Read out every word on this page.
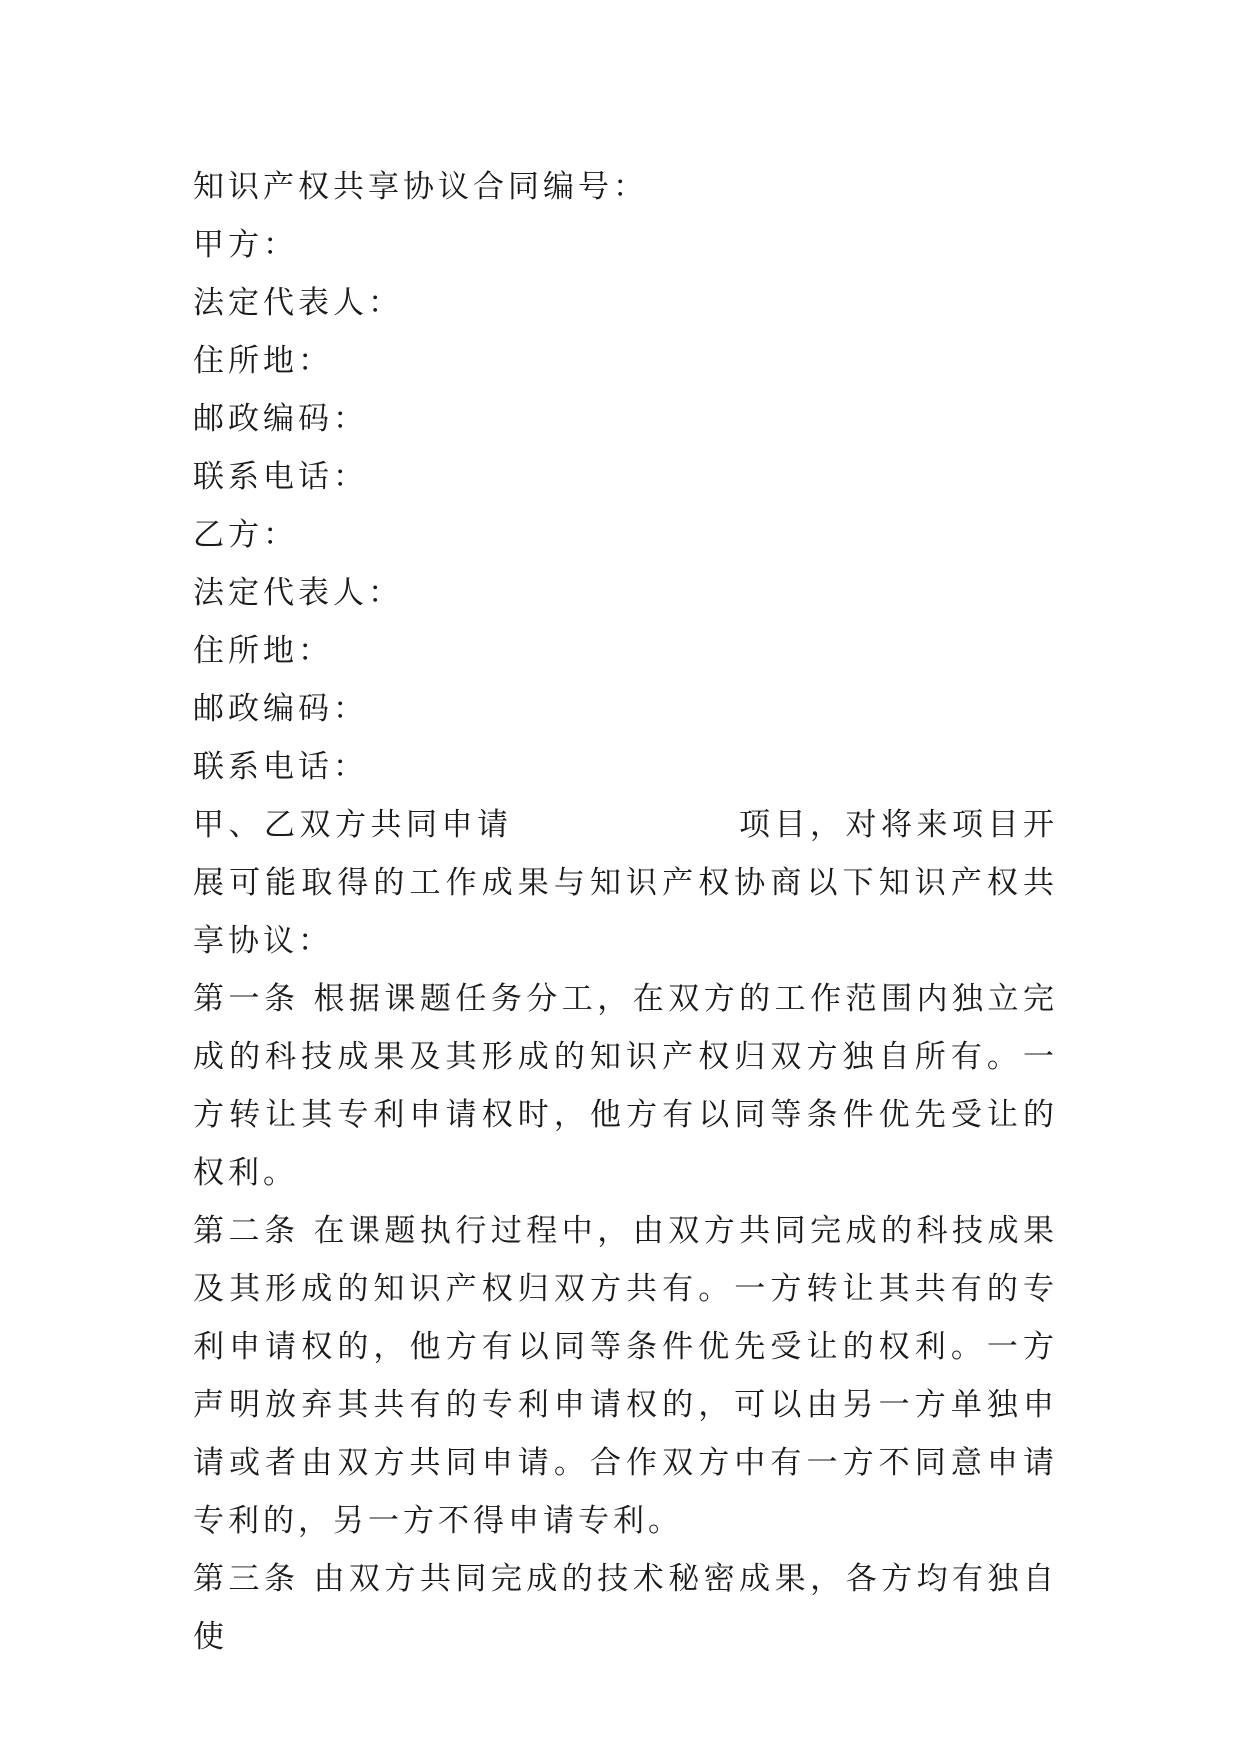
知识产权共享协议合同编号：
甲方：
法定代表人：
住所地：
邮政编码：
联系电话：
乙方：
法定代表人：
住所地：
邮政编码：
联系电话：
甲、乙双方共同申请	项目，对将来项目开展可能取得的工作成果与知识产权协商以下知识产权共享协议：
第一条 根据课题任务分工，在双方的工作范围内独立完成的科技成果及其形成的知识产权归双方独自所有。一方转让其专利申请权时，他方有以同等条件优先受让的权利。
第二条 在课题执行过程中，由双方共同完成的科技成果及其形成的知识产权归双方共有。一方转让其共有的专利申请权的，他方有以同等条件优先受让的权利。一方声明放弃其共有的专利申请权的，可以由另一方单独申请或者由双方共同申请。合作双方中有一方不同意申请专利的，另一方不得申请专利。
第三条 由双方共同完成的技术秘密成果，各方均有独自使
